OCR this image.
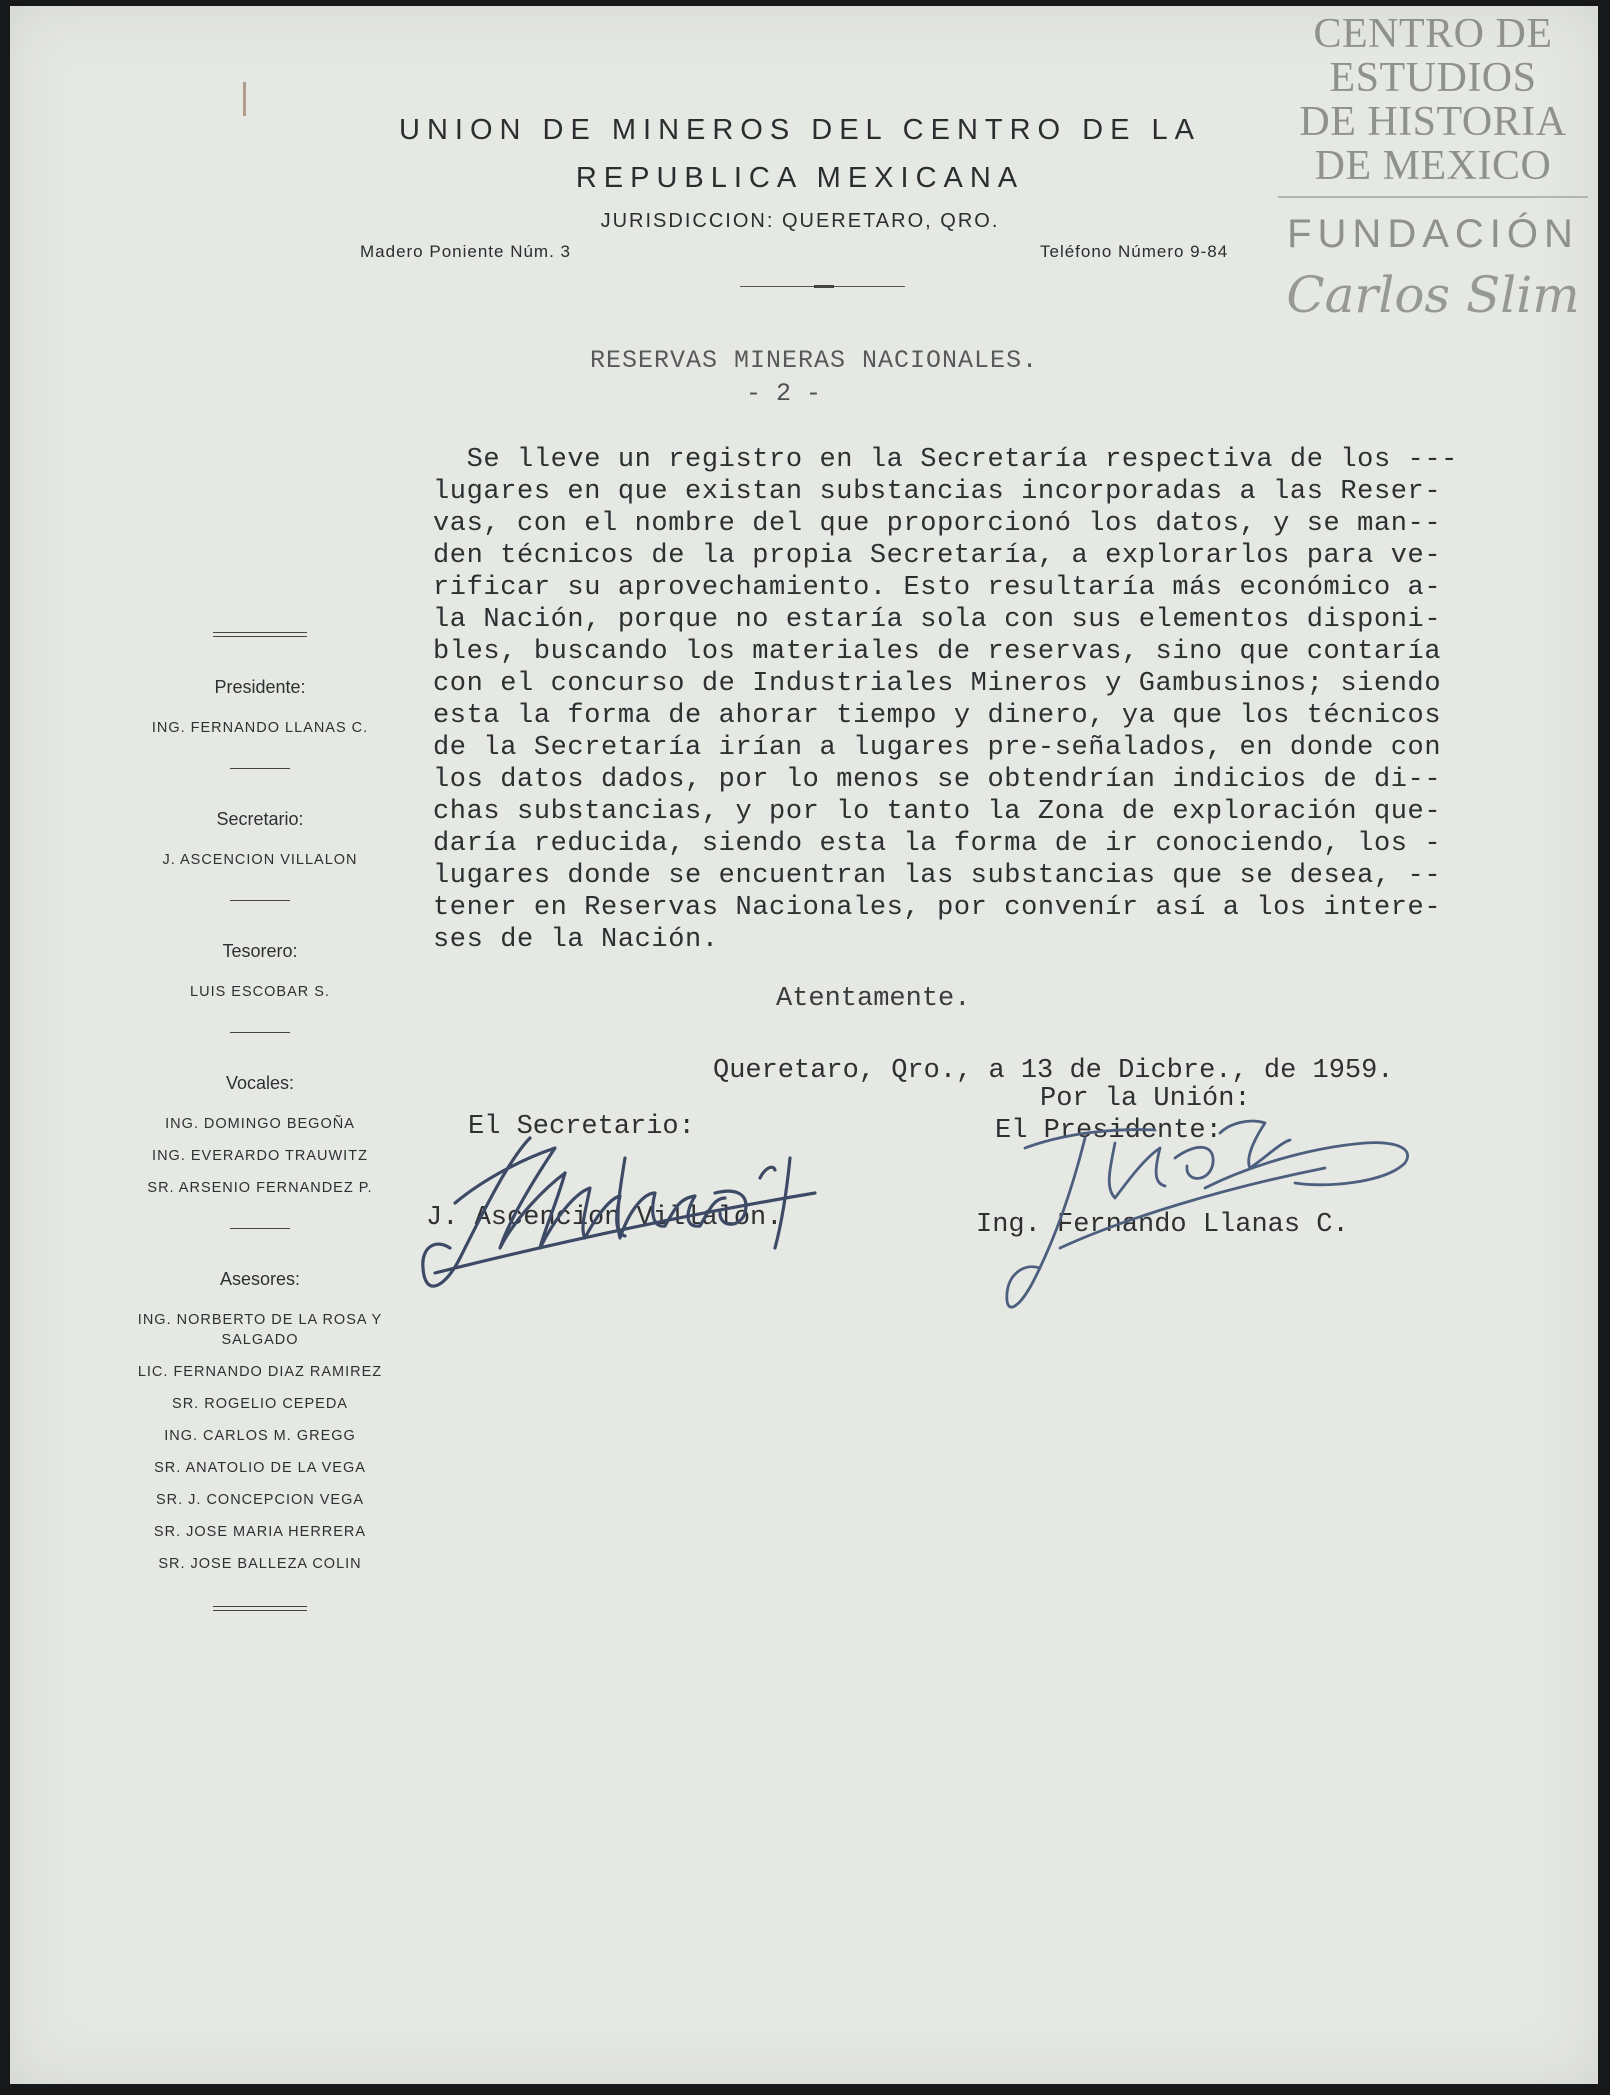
CENTRO DE
ESTUDIOS
DE HISTORIA
DE MEXICO
FUNDACIÓN
Carlos Slim
UNION DE MINEROS DEL CENTRO DE LA
REPUBLICA MEXICANA
JURISDICCION: QUERETARO, QRO.
Madero Poniente Núm. 3	Teléfono Número 9-84
Presidente:
ING. FERNANDO LLANAS C.
Secretario:
J. ASCENCION VILLALON
Tesorero:
LUIS ESCOBAR S.
Vocales:
ING. DOMINGO BEGOÑA
ING. EVERARDO TRAUWITZ
SR. ARSENIO FERNANDEZ P.
Asesores:
ING. NORBERTO DE LA ROSA Y
SALGADO
LIC. FERNANDO DIAZ RAMIREZ
SR. ROGELIO CEPEDA
ING. CARLOS M. GREGG
SR. ANATOLIO DE LA VEGA
SR. J. CONCEPCION VEGA
SR. JOSE MARIA HERRERA
SR. JOSE BALLEZA COLIN
RESERVAS MINERAS NACIONALES.
- 2 -
Se lleve un registro en la Secretaría respectiva de los ---
lugares en que existan substancias incorporadas a las Reser-
vas, con el nombre del que proporcionó los datos, y se man--
den técnicos de la propia Secretaría, a explorarlos para ve-
rificar su aprovechamiento. Esto resultaría más económico a-
la Nación, porque no estaría sola con sus elementos disponi-
bles, buscando los materiales de reservas, sino que contaría
con el concurso de Industriales Mineros y Gambusinos; siendo
esta la forma de ahorar tiempo y dinero, ya que los técnicos
de la Secretaría irían a lugares pre-señalados, en donde con
los datos dados, por lo menos se obtendrían indicios de di--
chas substancias, y por lo tanto la Zona de exploración que-
daría reducida, siendo esta la forma de ir conociendo, los -
lugares donde se encuentran las substancias que se desea, --
tener en Reservas Nacionales, por convenír así a los intere-
ses de la Nación.
Atentamente.
Queretaro, Qro., a 13 de Dicbre., de 1959.
Por la Unión:
El Secretario:	El Presidente:
J. Ascencion Villalon.	Ing. Fernando Llanas C.
